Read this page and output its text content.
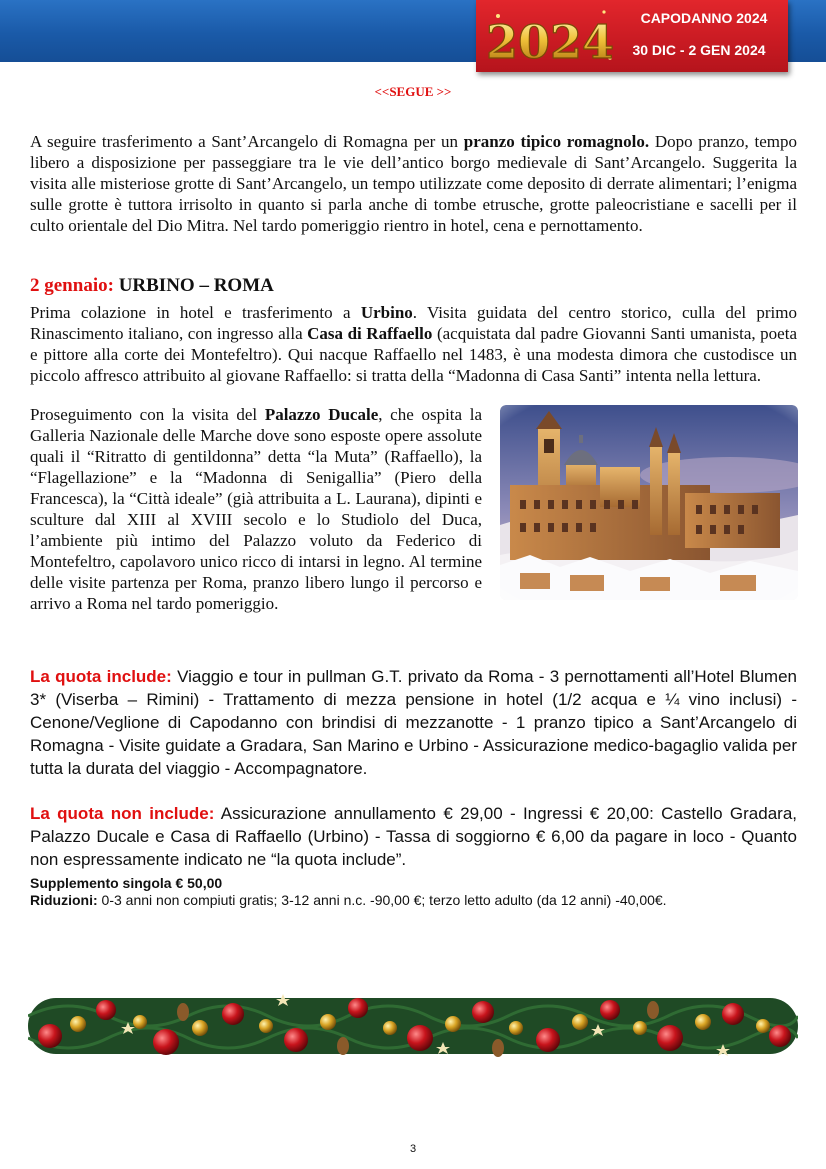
2024	CAPODANNO 2024
30 DIC - 2 GEN 2024
<<SEGUE >>

A seguire trasferimento a Sant’Arcangelo di Romagna per un pranzo tipico romagnolo. Dopo pranzo, tempo libero a disposizione per passeggiare tra le vie dell’antico borgo medievale di Sant’Arcangelo. Suggerita la visita alle misteriose grotte di Sant’Arcangelo, un tempo utilizzate come deposito di derrate alimentari; l’enigma sulle grotte è tuttora irrisolto in quanto si parla anche di tombe etrusche, grotte paleocristiane e sacelli per il culto orientale del Dio Mitra. Nel tardo pomeriggio rientro in hotel, cena e pernottamento.

2 gennaio: URBINO – ROMA

Prima colazione in hotel e trasferimento a Urbino. Visita guidata del centro storico, culla del primo Rinascimento italiano, con ingresso alla Casa di Raffaello (acquistata dal padre Giovanni Santi umanista, poeta e pittore alla corte dei Montefeltro). Qui nacque Raffaello nel 1483, è una modesta dimora che custodisce un piccolo affresco attribuito al giovane Raffaello: si tratta della “Madonna di Casa Santi” intenta nella lettura.

Proseguimento con la visita del Palazzo Ducale, che ospita la Galleria Nazionale delle Marche dove sono esposte opere assolute quali il “Ritratto di gentildonna” detta “la Muta” (Raffaello), la “Flagellazione” e la “Madonna di Senigallia” (Piero della Francesca), la “Città ideale” (già attribuita a L. Laurana), dipinti e sculture dal XIII al XVIII secolo e lo Studiolo del Duca, l’ambiente più intimo del Palazzo voluto da Federico di Montefeltro, capolavoro unico ricco di intarsi in legno. Al termine delle visite partenza per Roma, pranzo libero lungo il percorso e arrivo a Roma nel tardo pomeriggio.

La quota include: Viaggio e tour in pullman G.T. privato da Roma - 3 pernottamenti all’Hotel Blumen 3* (Viserba – Rimini) - Trattamento di mezza pensione in hotel (1/2 acqua e ¼ vino inclusi) - Cenone/Veglione di Capodanno con brindisi di mezzanotte - 1 pranzo tipico a Sant’Arcangelo di Romagna - Visite guidate a Gradara, San Marino e Urbino - Assicurazione medico-bagaglio valida per tutta la durata del viaggio - Accompagnatore.

La quota non include: Assicurazione annullamento € 29,00 - Ingressi € 20,00: Castello Gradara, Palazzo Ducale e Casa di Raffaello (Urbino) - Tassa di soggiorno € 6,00 da pagare in loco - Quanto non espressamente indicato ne “la quota include”.

Supplemento singola € 50,00
Riduzioni: 0-3 anni non compiuti gratis; 3-12 anni n.c. -90,00 €; terzo letto adulto (da 12 anni) -40,00€.
3
